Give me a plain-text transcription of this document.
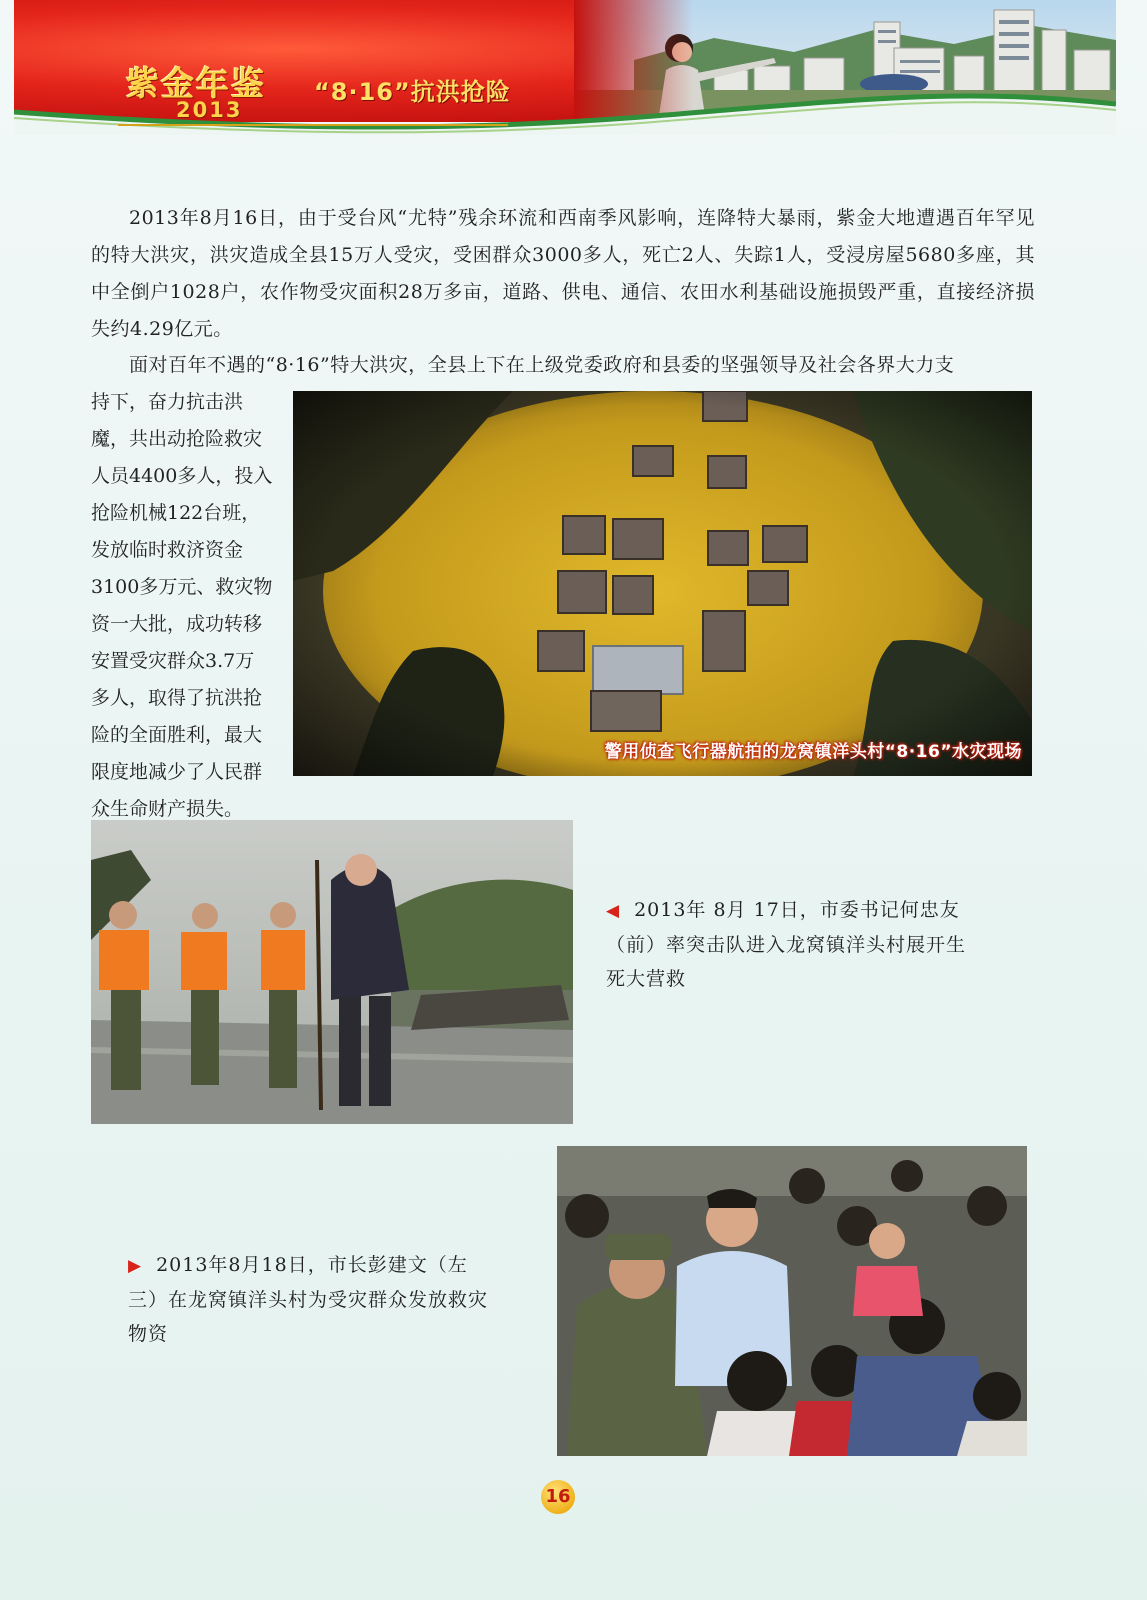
紫金年鉴
2013
“8·16”抗洪抢险
2013年8月16日，由于受台风“尤特”残余环流和西南季风影响，连降特大暴雨，紫金大地遭遇百年罕见的特大洪灾，洪灾造成全县15万人受灾，受困群众3000多人，死亡2人、失踪1人，受浸房屋5680多座，其中全倒户1028户，农作物受灾面积28万多亩，道路、供电、通信、农田水利基础设施损毁严重，直接经济损失约4.29亿元。
面对百年不遇的“8·16”特大洪灾，全县上下在上级党委政府和县委的坚强领导及社会各界大力支
持下，奋力抗击洪
魔，共出动抢险救灾
人员4400多人，投入
抢险机械122台班，
发放临时救济资金
3100多万元、救灾物
资一大批，成功转移
安置受灾群众3.7万
多人，取得了抗洪抢
险的全面胜利，最大
限度地减少了人民群
众生命财产损失。
警用侦查飞行器航拍的龙窝镇洋头村“8·16”水灾现场
◀ 2013年 8月 17日，市委书记何忠友
（前）率突击队进入龙窝镇洋头村展开生
死大营救
▶ 2013年8月18日，市长彭建文（左
三）在龙窝镇洋头村为受灾群众发放救灾
物资
16
